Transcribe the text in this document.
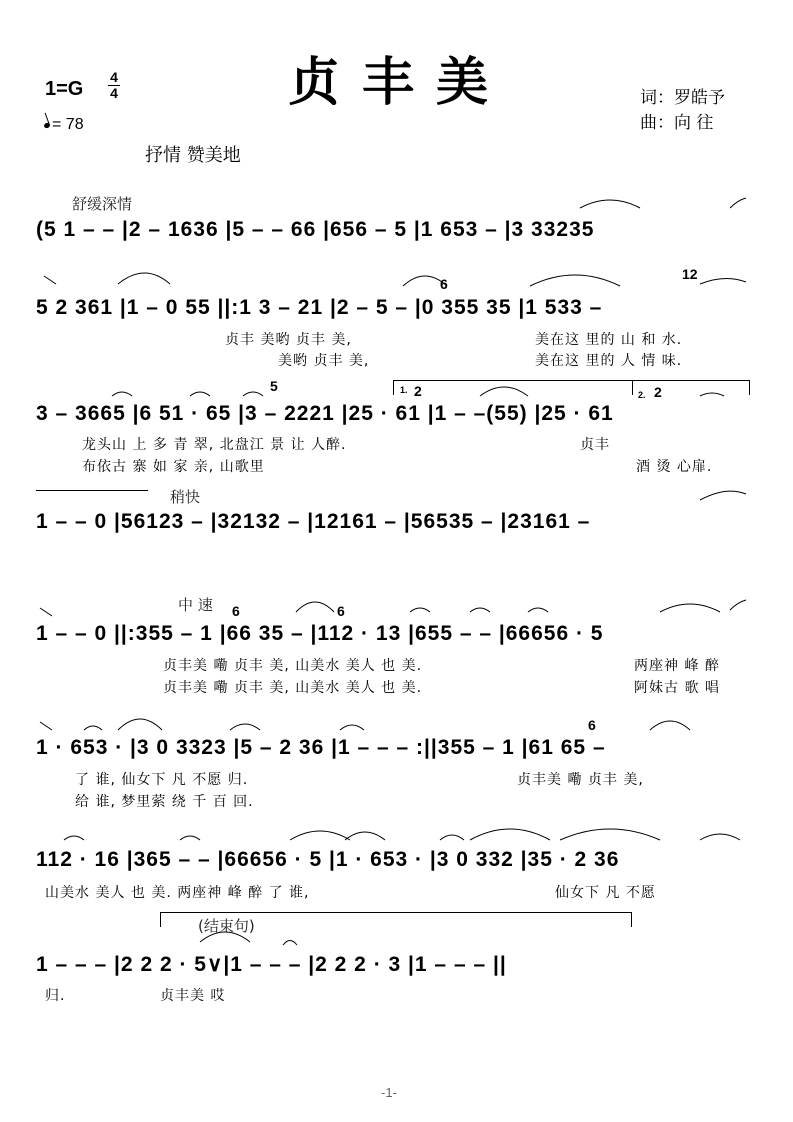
贞丰美
1=G
4
4
= 78
抒情 赞美地
词：罗皓予
曲：向 往
舒缓深情
稍快
中 速
(结束句)
6
12
5	1. 2	2. 2
6	6
6
(5 1 – – |2 – 1636 |5 – – 66 |656 – 5 |1 653 – |3 33235
5 2 361 |1 – 0 55 ||:1 3 – 21 |2 – 5 – |0 355 35 |1 533 –
3 – 3665 |6 51 · 65 |3 – 2221 |25 · 61 |1 – –(55) |25 · 61
1 – – 0 |56123 – |32132 – |12161 – |56535 – |23161 –
1 – – 0 ||:355 – 1 |66 35 – |112 · 13 |655 – – |66656 · 5
1 · 653 · |3 0 3323 |5 – 2 36 |1 – – – :||355 – 1 |61 65 –
112 · 16 |365 – – |66656 · 5 |1 · 653 · |3 0 332 |35 · 2 36
1 – – – |2 2 2 · 5∨|1 – – – |2 2 2 · 3 |1 – – – ||
贞丰 美哟 贞丰 美,	美在这 里的 山 和 水.
美哟 贞丰 美,	美在这 里的 人 情 味.
龙头山 上 多 青 翠, 北盘江 景 让 人醉.	贞丰
布依古 寨 如 家 亲, 山歌里	酒 烫 心扉.
贞丰美 嘞 贞丰 美, 山美水 美人 也 美.	两座神 峰 醉
贞丰美 嘞 贞丰 美, 山美水 美人 也 美.	阿妹古 歌 唱
了 谁, 仙女下 凡 不愿 归.	贞丰美 嘞 贞丰 美,
给 谁, 梦里萦 绕 千 百 回.
山美水 美人 也 美. 两座神 峰 醉 了 谁,	仙女下 凡 不愿
归.	贞丰美 哎
-1-
